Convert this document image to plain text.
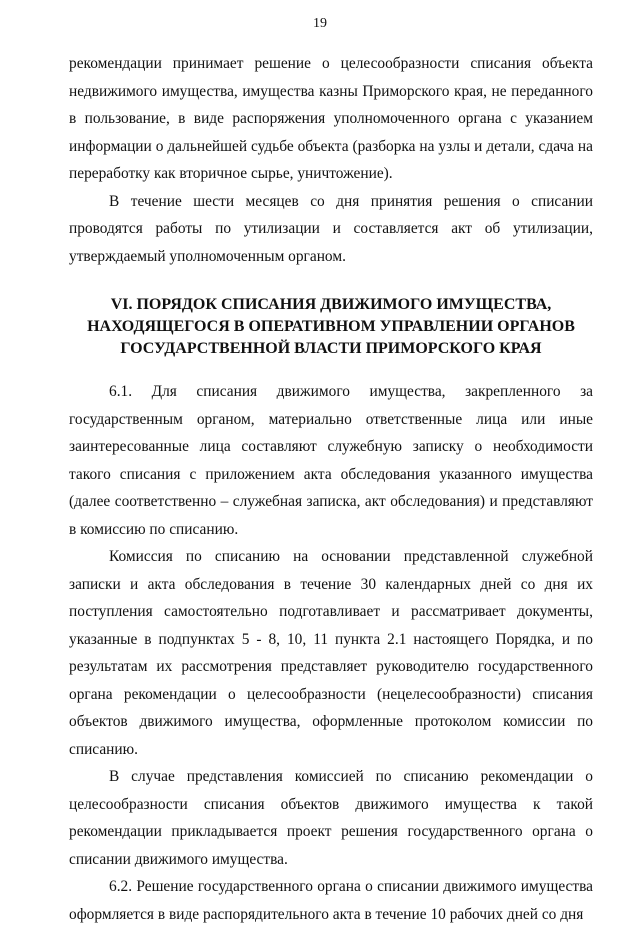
19

рекомендации принимает решение о целесообразности списания объекта недвижимого имущества, имущества казны Приморского края, не переданного в пользование, в виде распоряжения уполномоченного органа с указанием информации о дальнейшей судьбе объекта (разборка на узлы и детали, сдача на переработку как вторичное сырье, уничтожение).

В течение шести месяцев со дня принятия решения о списании проводятся работы по утилизации и составляется акт об утилизации, утверждаемый уполномоченным органом.

VI. ПОРЯДОК СПИСАНИЯ ДВИЖИМОГО ИМУЩЕСТВА, НАХОДЯЩЕГОСЯ В ОПЕРАТИВНОМ УПРАВЛЕНИИ ОРГАНОВ ГОСУДАРСТВЕННОЙ ВЛАСТИ ПРИМОРСКОГО КРАЯ

6.1. Для списания движимого имущества, закрепленного за государственным органом, материально ответственные лица или иные заинтересованные лица составляют служебную записку о необходимости такого списания с приложением акта обследования указанного имущества (далее соответственно – служебная записка, акт обследования) и представляют в комиссию по списанию.

Комиссия по списанию на основании представленной служебной записки и акта обследования в течение 30 календарных дней со дня их поступления самостоятельно подготавливает и рассматривает документы, указанные в подпунктах 5 - 8, 10, 11 пункта 2.1 настоящего Порядка, и по результатам их рассмотрения представляет руководителю государственного органа рекомендации о целесообразности (нецелесообразности) списания объектов движимого имущества, оформленные протоколом комиссии по списанию.

В случае представления комиссией по списанию рекомендации о целесообразности списания объектов движимого имущества к такой рекомендации прикладывается проект решения государственного органа о списании движимого имущества.

6.2. Решение государственного органа о списании движимого имущества оформляется в виде распорядительного акта в течение 10 рабочих дней со дня
